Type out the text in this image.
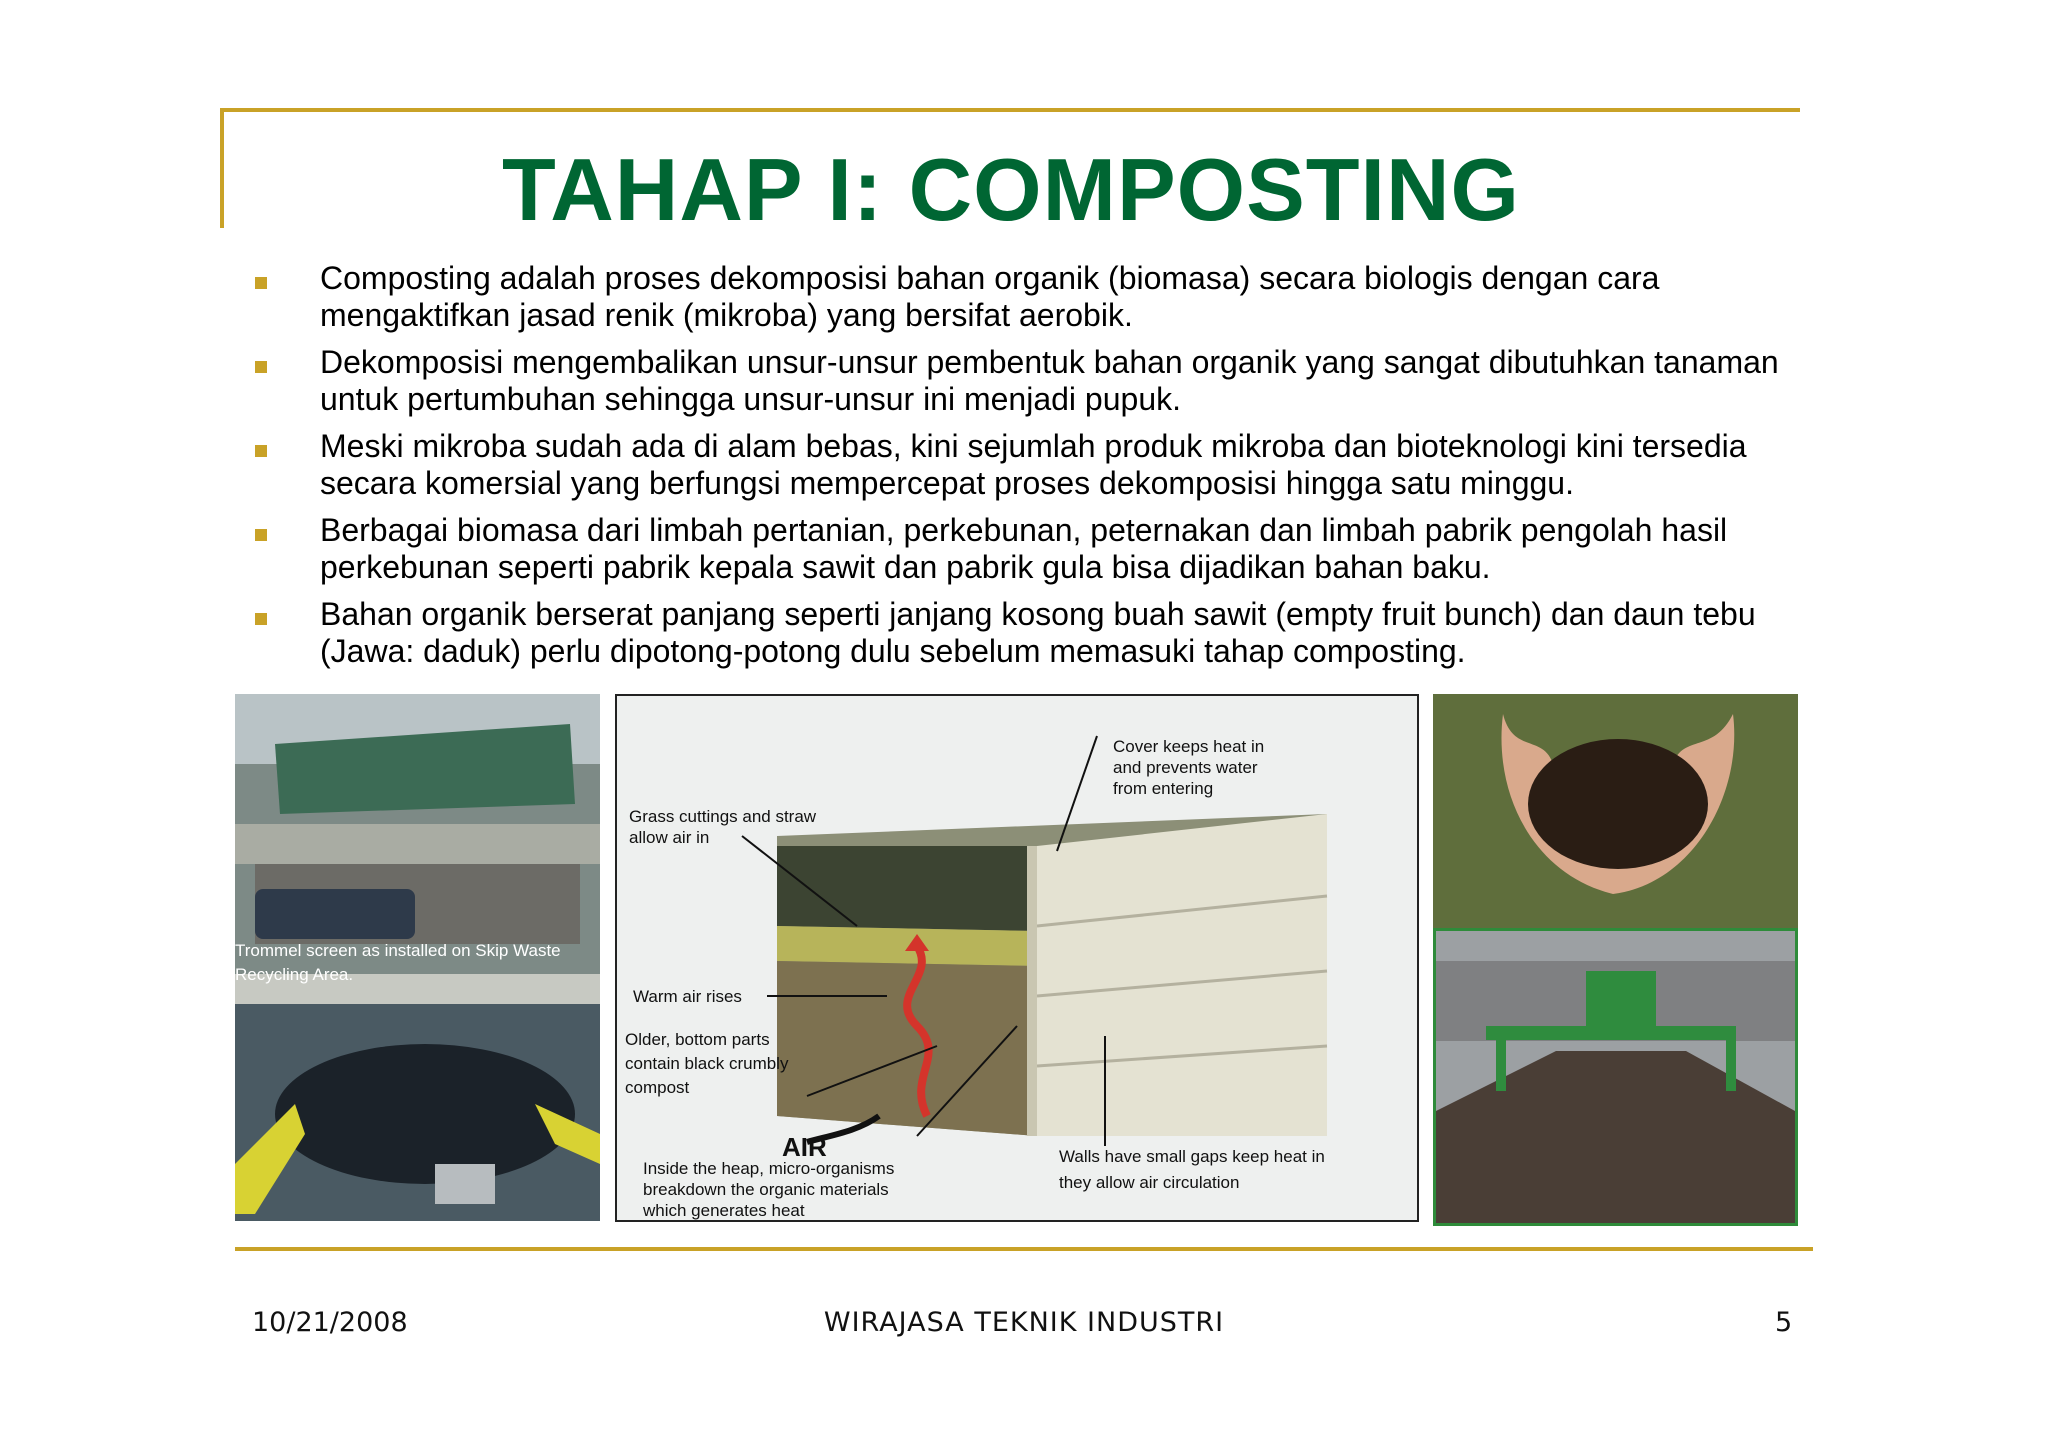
TAHAP I: COMPOSTING
Composting adalah proses dekomposisi bahan organik (biomasa) secara biologis dengan cara mengaktifkan jasad renik (mikroba) yang bersifat aerobik.
Dekomposisi mengembalikan unsur-unsur pembentuk bahan organik yang sangat dibutuhkan tanaman untuk pertumbuhan sehingga unsur-unsur ini menjadi pupuk.
Meski mikroba sudah ada di alam bebas, kini sejumlah produk mikroba dan bioteknologi kini tersedia secara komersial yang berfungsi mempercepat proses dekomposisi hingga satu minggu.
Berbagai biomasa dari limbah pertanian, perkebunan, peternakan dan limbah pabrik pengolah hasil perkebunan seperti pabrik kepala sawit dan pabrik gula bisa dijadikan bahan baku.
Bahan organik berserat panjang seperti janjang kosong buah sawit (empty fruit bunch) dan daun tebu (Jawa: daduk) perlu dipotong-potong dulu sebelum memasuki tahap composting.
Trommel screen as installed on Skip Waste
Recycling Area.
Cover keeps heat in
and prevents water
from entering
Grass cuttings and straw
allow air in
Warm air rises
Older, bottom parts
contain black crumbly
compost
AIR
Inside the heap, micro-organisms
breakdown the organic materials
which generates heat
Walls have small gaps keep heat in
they allow air circulation
10/21/2008	WIRAJASA TEKNIK INDUSTRI	5
